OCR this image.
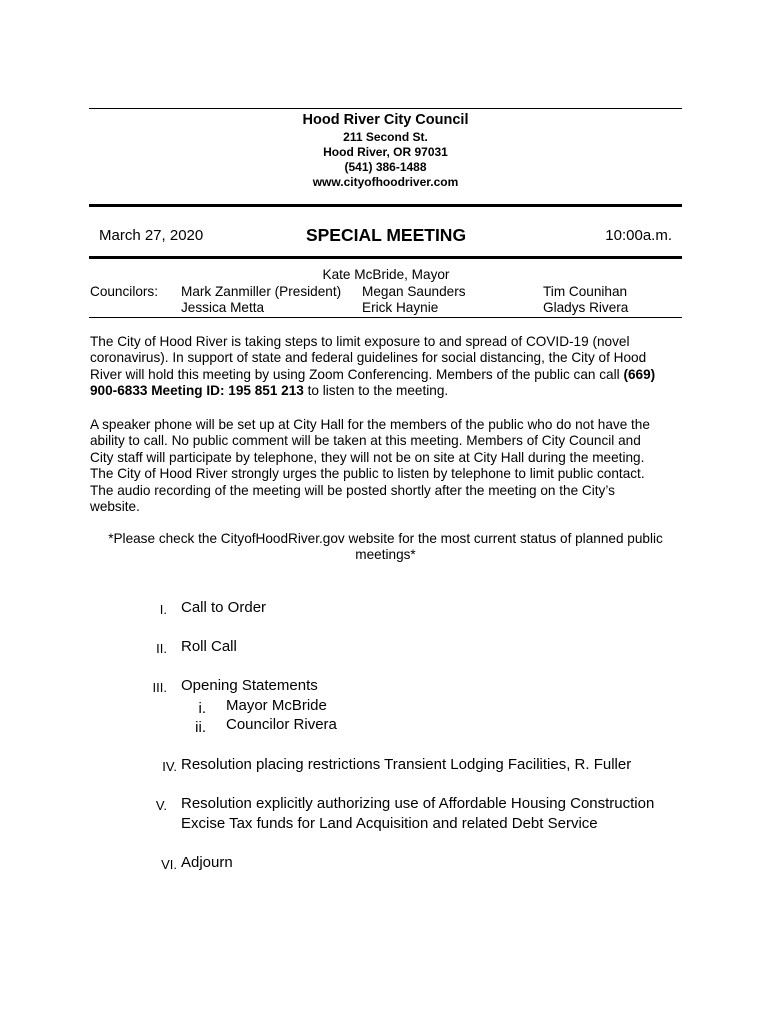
Hood River City Council
211 Second St.
Hood River, OR 97031
(541) 386-1488
www.cityofhoodriver.com
March 27, 2020	SPECIAL MEETING	10:00a.m.
Kate McBride, Mayor
Councilors: Mark Zanmiller (President)
Jessica Metta
Megan Saunders
Erick Haynie
Tim Counihan
Gladys Rivera
The City of Hood River is taking steps to limit exposure to and spread of COVID-19 (novel
coronavirus). In support of state and federal guidelines for social distancing, the City of Hood
River will hold this meeting by using Zoom Conferencing. Members of the public can call (669)
900-6833 Meeting ID: 195 851 213 to listen to the meeting.
A speaker phone will be set up at City Hall for the members of the public who do not have the
ability to call. No public comment will be taken at this meeting. Members of City Council and
City staff will participate by telephone, they will not be on site at City Hall during the meeting.
The City of Hood River strongly urges the public to listen by telephone to limit public contact.
The audio recording of the meeting will be posted shortly after the meeting on the City’s
website.
*Please check the CityofHoodRiver.gov website for the most current status of planned public
meetings*
I. Call to Order
II. Roll Call
III. Opening Statements
i. Mayor McBride
ii. Councilor Rivera
IV. Resolution placing restrictions Transient Lodging Facilities, R. Fuller
V. Resolution explicitly authorizing use of Affordable Housing Construction
Excise Tax funds for Land Acquisition and related Debt Service
VI. Adjourn
